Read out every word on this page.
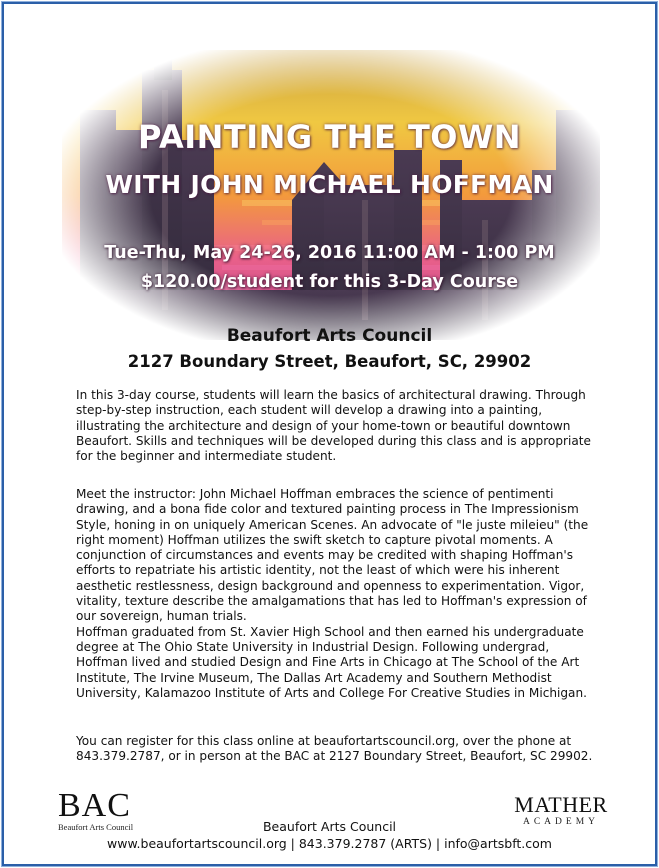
PAINTING THE TOWN
WITH JOHN MICHAEL HOFFMAN
Tue-Thu, May 24-26, 2016 11:00 AM - 1:00 PM
$120.00/student for this 3-Day Course
Beaufort Arts Council
2127 Boundary Street, Beaufort, SC, 29902

In this 3-day course, students will learn the basics of architectural drawing. Through step-by-step instruction, each student will develop a drawing into a painting, illustrating the architecture and design of your home-town or beautiful downtown Beaufort. Skills and techniques will be developed during this class and is appropriate for the beginner and intermediate student.

Meet the instructor: John Michael Hoffman embraces the science of pentimenti drawing, and a bona fide color and textured painting process in The Impressionism Style, honing in on uniquely American Scenes. An advocate of "le juste mileieu" (the right moment) Hoffman utilizes the swift sketch to capture pivotal moments. A conjunction of circumstances and events may be credited with shaping Hoffman's efforts to repatriate his artistic identity, not the least of which were his inherent aesthetic restlessness, design background and openness to experimentation. Vigor, vitality, texture describe the amalgamations that has led to Hoffman's expression of our sovereign, human trials.

Hoffman graduated from St. Xavier High School and then earned his undergraduate degree at The Ohio State University in Industrial Design. Following undergrad, Hoffman lived and studied Design and Fine Arts in Chicago at The School of the Art Institute, The Irvine Museum, The Dallas Art Academy and Southern Methodist University, Kalamazoo Institute of Arts and College For Creative Studies in Michigan.

You can register for this class online at beaufortartscouncil.org, over the phone at 843.379.2787, or in person at the BAC at 2127 Boundary Street, Beaufort, SC 29902.

BAC
Beaufort Arts Council
MATHER
ACADEMY
Beaufort Arts Council
www.beaufortartscouncil.org | 843.379.2787 (ARTS) | info@artsbft.com
